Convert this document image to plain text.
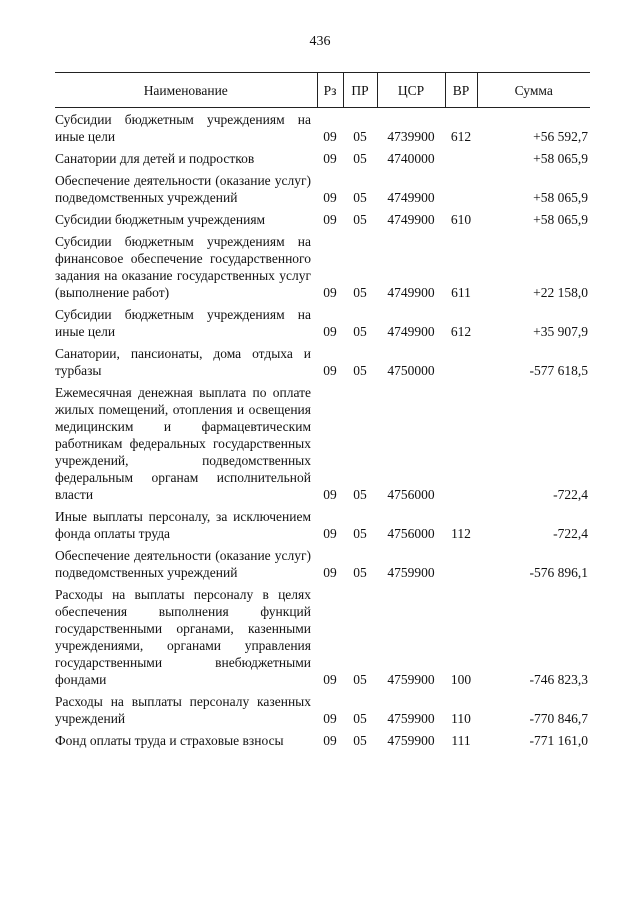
436
Наименование	Рз	ПР	ЦСР	ВР	Сумма
Субсидии бюджетным учреждениям на иные цели	09	05	4739900	612	+56 592,7
Санатории для детей и подростков	09	05	4740000		+58 065,9
Обеспечение деятельности (оказание услуг) подведомственных учреждений	09	05	4749900		+58 065,9
Субсидии бюджетным учреждениям	09	05	4749900	610	+58 065,9
Субсидии бюджетным учреждениям на финансовое обеспечение государственного задания на оказание государственных услуг (выполнение работ)	09	05	4749900	611	+22 158,0
Субсидии бюджетным учреждениям на иные цели	09	05	4749900	612	+35 907,9
Санатории, пансионаты, дома отдыха и турбазы	09	05	4750000		-577 618,5
Ежемесячная денежная выплата по оплате жилых помещений, отопления и освещения медицинским и фармацевтическим работникам федеральных государственных учреждений, подведомственных федеральным органам исполнительной власти	09	05	4756000		-722,4
Иные выплаты персоналу, за исключением фонда оплаты труда	09	05	4756000	112	-722,4
Обеспечение деятельности (оказание услуг) подведомственных учреждений	09	05	4759900		-576 896,1
Расходы на выплаты персоналу в целях обеспечения выполнения функций государственными органами, казенными учреждениями, органами управления государственными внебюджетными фондами	09	05	4759900	100	-746 823,3
Расходы на выплаты персоналу казенных учреждений	09	05	4759900	110	-770 846,7
Фонд оплаты труда и страховые взносы	09	05	4759900	111	-771 161,0
